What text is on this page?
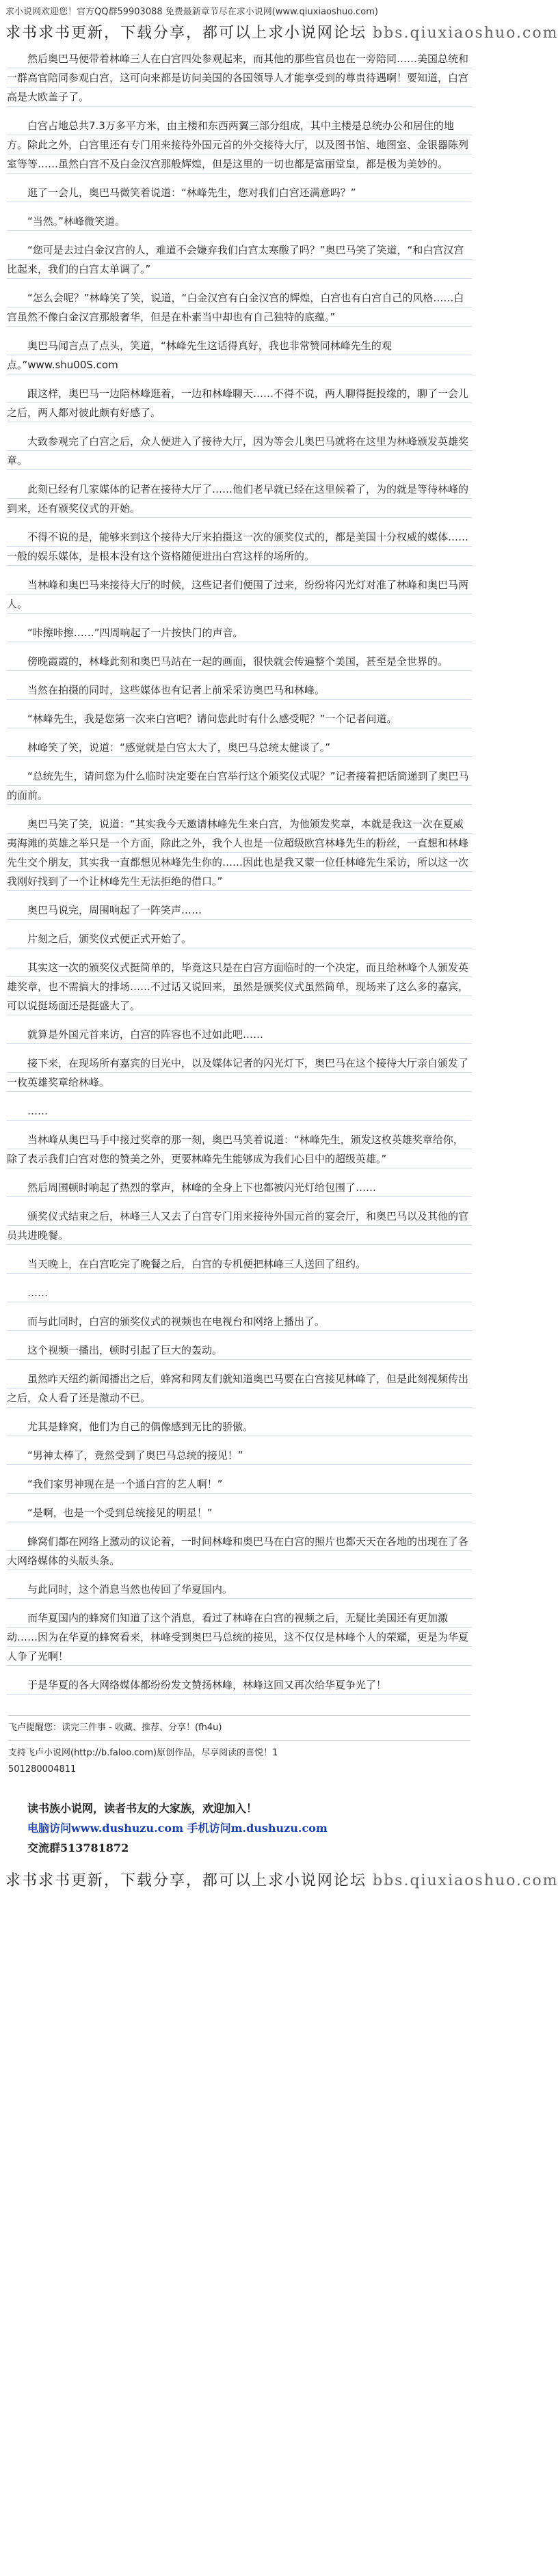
求小说网欢迎您！官方QQ群59903088 免费最新章节尽在求小说网(www.qiuxiaoshuo.com)
求书求书更新，下载分享，都可以上求小说网论坛 bbs.qiuxiaoshuo.com

然后奥巴马便带着林峰三人在白宫四处参观起来，而其他的那些官员也在一旁陪同……美国总统和一群高官陪同参观白宫，这可向来都是访问美国的各国领导人才能享受到的尊贵待遇啊！要知道，白宫高是大欧盖子了。

白宫占地总共7.3万多平方米，由主楼和东西两翼三部分组成，其中主楼是总统办公和居住的地方。除此之外，白宫里还有专门用来接待外国元首的外交接待大厅，以及图书馆、地图室、金银器陈列室等等……虽然白宫不及白金汉宫那般辉煌，但是这里的一切也都是富丽堂皇，都是极为美妙的。

逛了一会儿，奥巴马微笑着说道：“林峰先生，您对我们白宫还满意吗？”

“当然。”林峰微笑道。

“您可是去过白金汉宫的人，难道不会嫌弃我们白宫太寒酸了吗？”奥巴马笑了笑道，“和白宫汉宫比起来，我们的白宫太单调了。”

“怎么会呢？”林峰笑了笑，说道，“白金汉宫有白金汉宫的辉煌，白宫也有白宫自己的风格……白宫虽然不像白金汉宫那般奢华，但是在朴素当中却也有自己独特的底蕴。”

奥巴马闻言点了点头，笑道，“林峰先生这话得真好，我也非常赞同林峰先生的观点。”www.shu00S.com

跟这样，奥巴马一边陪林峰逛着，一边和林峰聊天……不得不说，两人聊得挺投缘的，聊了一会儿之后，两人都对彼此颇有好感了。

大致参观完了白宫之后，众人便进入了接待大厅，因为等会儿奥巴马就将在这里为林峰颁发英雄奖章。

此刻已经有几家媒体的记者在接待大厅了……他们老早就已经在这里候着了，为的就是等待林峰的到来，还有颁奖仪式的开始。

不得不说的是，能够来到这个接待大厅来拍摄这一次的颁奖仪式的，都是美国十分权威的媒体……一般的娱乐媒体，是根本没有这个资格随便进出白宫这样的场所的。

当林峰和奥巴马来接待大厅的时候，这些记者们便围了过来，纷纷将闪光灯对准了林峰和奥巴马两人。

“咔擦咔擦……”四周响起了一片按快门的声音。

傍晚霞霞的，林峰此刻和奥巴马站在一起的画面，很快就会传遍整个美国，甚至是全世界的。

当然在拍摄的同时，这些媒体也有记者上前采采访奥巴马和林峰。

“林峰先生，我是您第一次来白宫吧？请问您此时有什么感受呢？”一个记者问道。

林峰笑了笑，说道：“感觉就是白宫太大了，奥巴马总统太健谈了。”

“总统先生，请问您为什么临时决定要在白宫举行这个颁奖仪式呢？”记者接着把话筒递到了奥巴马的面前。

奥巴马笑了笑，说道：“其实我今天邀请林峰先生来白宫，为他颁发奖章，本就是我这一次在夏威夷海滩的英雄之举只是一个方面，除此之外，我个人也是一位超级欧宫林峰先生的粉丝，一直想和林峰先生交个朋友，其实我一直都想见林峰先生你的……因此也是我又蒙一位任林峰先生采访，所以这一次我刚好找到了一个让林峰先生无法拒绝的借口。”

奥巴马说完，周围响起了一阵笑声……

片刻之后，颁奖仪式便正式开始了。

其实这一次的颁奖仪式挺简单的，毕竟这只是在白宫方面临时的一个决定，而且给林峰个人颁发英雄奖章，也不需搞大的排场……不过话又说回来，虽然是颁奖仪式虽然简单，现场来了这么多的嘉宾，可以说挺场面还是挺盛大了。

就算是外国元首来访，白宫的阵容也不过如此吧……

接下来，在现场所有嘉宾的目光中，以及媒体记者的闪光灯下，奥巴马在这个接待大厅亲自颁发了一枚英雄奖章给林峰。

……

当林峰从奥巴马手中接过奖章的那一刻，奥巴马笑着说道：“林峰先生，颁发这枚英雄奖章给你，除了表示我们白宫对您的赞美之外，更要林峰先生能够成为我们心目中的超级英雄。”

然后周围顿时响起了热烈的掌声，林峰的全身上下也都被闪光灯给包围了……

颁奖仪式结束之后，林峰三人又去了白宫专门用来接待外国元首的宴会厅，和奥巴马以及其他的官员共进晚餐。

当天晚上，在白宫吃完了晚餐之后，白宫的专机便把林峰三人送回了纽约。

……

而与此同时，白宫的颁奖仪式的视频也在电视台和网络上播出了。

这个视频一播出，顿时引起了巨大的轰动。

虽然昨天纽约新闻播出之后，蜂窝和网友们就知道奥巴马要在白宫接见林峰了，但是此刻视频传出之后，众人看了还是激动不已。

尤其是蜂窝，他们为自己的偶像感到无比的骄傲。

“男神太棒了，竟然受到了奥巴马总统的接见！”

“我们家男神现在是一个通白宫的艺人啊！”

“是啊，也是一个受到总统接见的明星！”

蜂窝们都在网络上激动的议论着，一时间林峰和奥巴马在白宫的照片也都天天在各地的出现在了各大网络媒体的头版头条。

与此同时，这个消息当然也传回了华夏国内。

而华夏国内的蜂窝们知道了这个消息，看过了林峰在白宫的视频之后，无疑比美国还有更加激动……因为在华夏的蜂窝看来，林峰受到奥巴马总统的接见，这不仅仅是林峰个人的荣耀，更是为华夏人争了光啊！

于是华夏的各大网络媒体都纷纷发文赞扬林峰，林峰这回又再次给华夏争光了！

飞卢提醒您：读完三件事 - 收藏、推荐、分享！(fh4u)
支持飞卢小说网(http://b.faloo.com)原创作品，尽享阅读的喜悦！1
501280004811
读书族小说网，读者书友的大家族，欢迎加入！
电脑访问www.dushuzu.com 手机访问m.dushuzu.com
交流群513781872
求书求书更新，下载分享，都可以上求小说网论坛 bbs.qiuxiaoshuo.com
